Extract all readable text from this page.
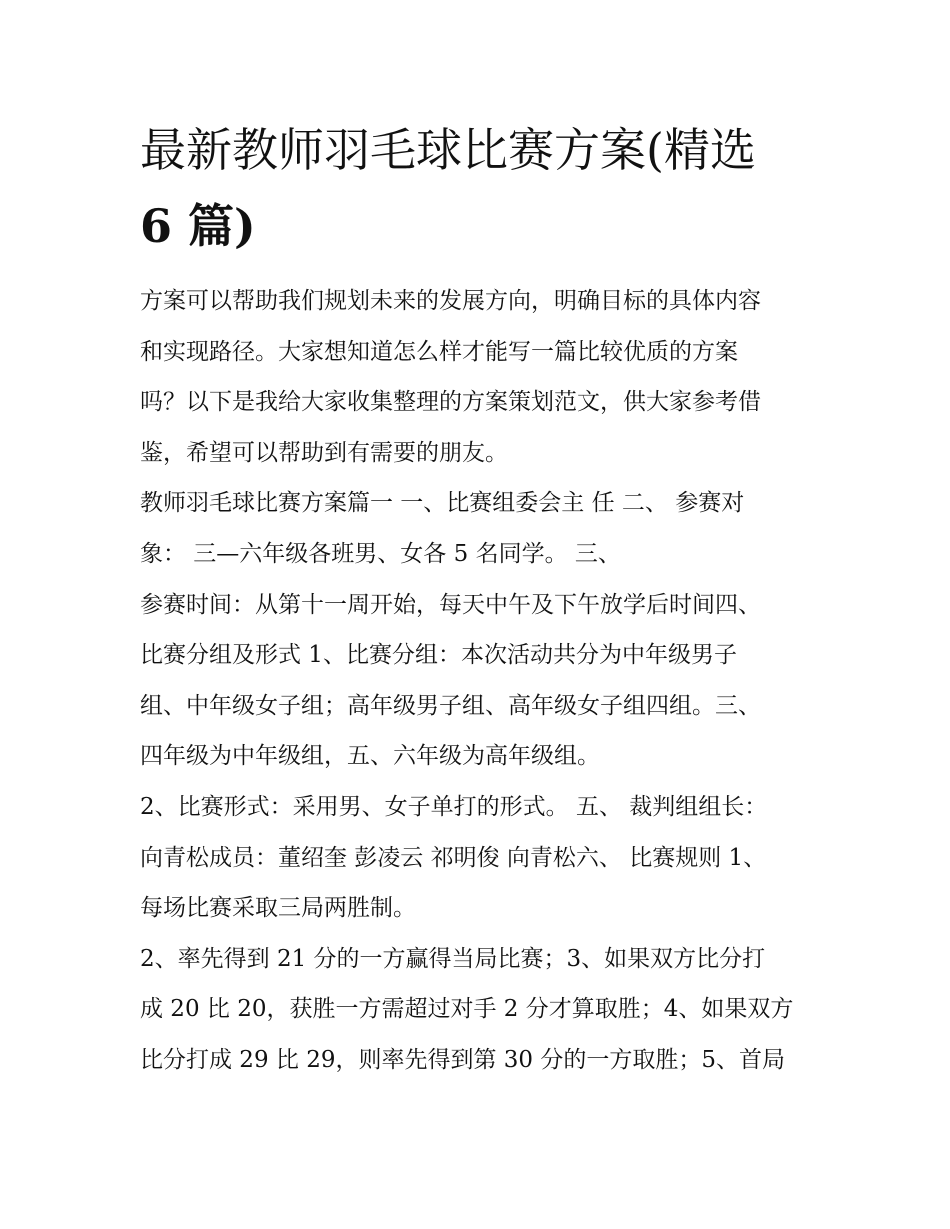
最新教师羽毛球比赛方案(精选
6 篇)
方案可以帮助我们规划未来的发展方向，明确目标的具体内容
和实现路径。大家想知道怎么样才能写一篇比较优质的方案
吗？以下是我给大家收集整理的方案策划范文，供大家参考借
鉴，希望可以帮助到有需要的朋友。
教师羽毛球比赛方案篇一 一、比赛组委会主 任 二、 参赛对
象： 三—六年级各班男、女各 5 名同学。 三、
参赛时间：从第十一周开始，每天中午及下午放学后时间四、
比赛分组及形式 1、比赛分组：本次活动共分为中年级男子
组、中年级女子组；高年级男子组、高年级女子组四组。三、
四年级为中年级组，五、六年级为高年级组。
2、比赛形式：采用男、女子单打的形式。 五、 裁判组组长：
向青松成员：董绍奎 彭凌云 祁明俊 向青松六、 比赛规则 1、
每场比赛采取三局两胜制。
2、率先得到 21 分的一方赢得当局比赛；3、如果双方比分打
成 20 比 20，获胜一方需超过对手 2 分才算取胜；4、如果双方
比分打成 29 比 29，则率先得到第 30 分的一方取胜；5、首局
